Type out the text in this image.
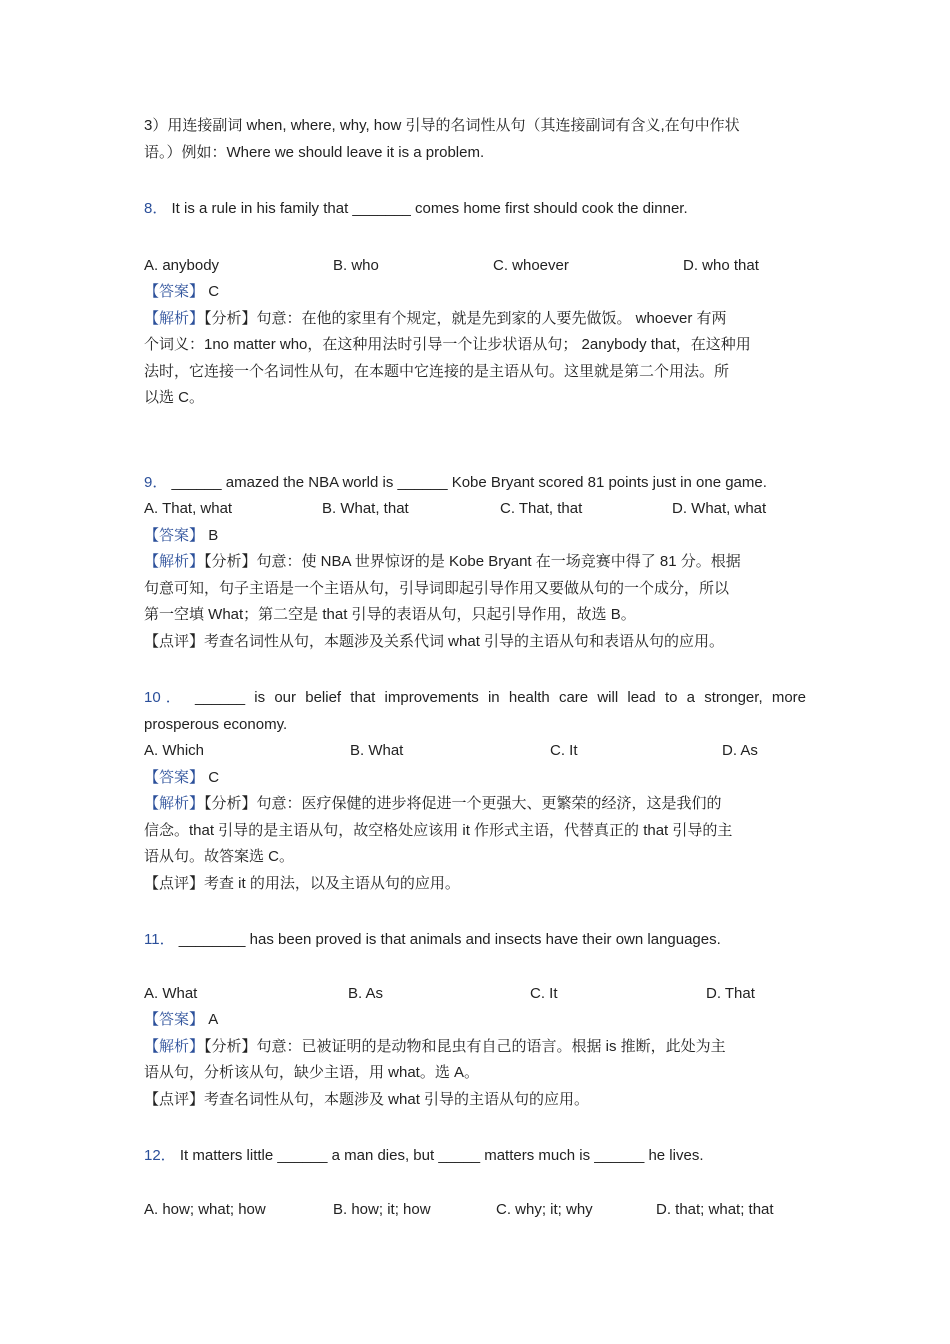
3）用连接副词 when, where, why, how 引导的名词性从句（其连接副词有含义,在句中作状

语。）例如：Where we should leave it is a problem.

8． It is a rule in his family that _______ comes home first should cook the dinner.

A. anybody	B. who	C. whoever	D. who that

【答案】 C

【解析】【分析】句意：在他的家里有个规定，就是先到家的人要先做饭。 whoever 有两

个词义：1no matter who，在这种用法时引导一个让步状语从句； 2anybody that，在这种用

法时，它连接一个名词性从句，在本题中它连接的是主语从句。这里就是第二个用法。所

以选 C。

9． ______ amazed the NBA world is ______ Kobe Bryant scored 81 points just in one game.

A. That, what	B. What, that	C. That, that	D. What, what

【答案】 B

【解析】【分析】句意：使 NBA 世界惊讶的是 Kobe Bryant 在一场竞赛中得了 81 分。根据

句意可知，句子主语是一个主语从句，引导词即起引导作用又要做从句的一个成分，所以

第一空填 What；第二空是 that 引导的表语从句，只起引导作用，故选 B。

【点评】考查名词性从句，本题涉及关系代词 what 引导的主语从句和表语从句的应用。

10． ______ is our belief that improvements in health care will lead to a stronger, more

prosperous economy.

A. Which	B. What	C. It	D. As

【答案】 C

【解析】【分析】句意：医疗保健的进步将促进一个更强大、更繁荣的经济，这是我们的

信念。that 引导的是主语从句，故空格处应该用 it 作形式主语，代替真正的 that 引导的主

语从句。故答案选 C。

【点评】考查 it 的用法，以及主语从句的应用。

11． ________ has been proved is that animals and insects have their own languages.

A. What	B. As	C. It	D. That

【答案】 A

【解析】【分析】句意：已被证明的是动物和昆虫有自己的语言。根据 is 推断，此处为主

语从句，分析该从句，缺少主语，用 what。选 A。

【点评】考查名词性从句，本题涉及 what 引导的主语从句的应用。

12． It matters little ______ a man dies, but _____ matters much is ______ he lives.

A. how; what; how	B. how; it; how	C. why; it; why	D. that; what; that
